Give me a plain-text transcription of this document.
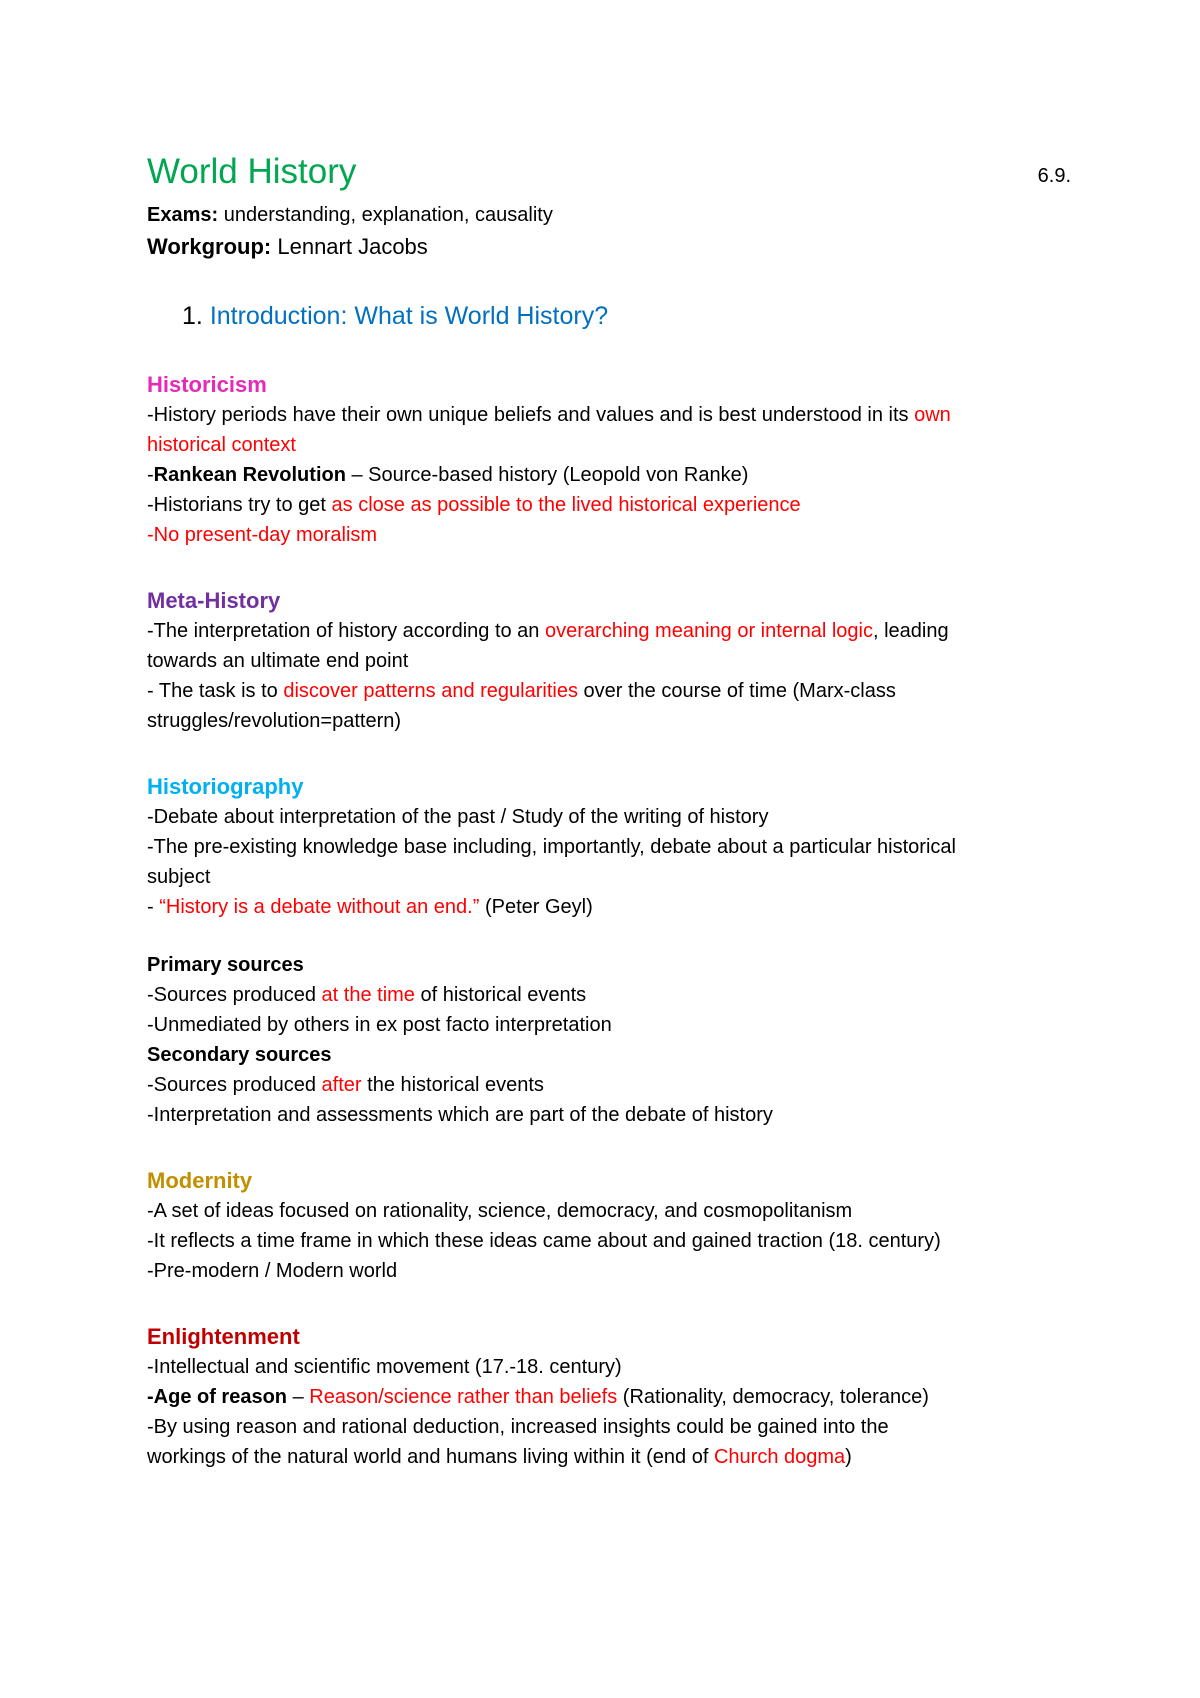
World History	6.9.
Exams: understanding, explanation, causality
Workgroup: Lennart Jacobs
1. Introduction: What is World History?
Historicism
-History periods have their own unique beliefs and values and is best understood in its own
historical context
-Rankean Revolution – Source-based history (Leopold von Ranke)
-Historians try to get as close as possible to the lived historical experience
-No present-day moralism
Meta-History
-The interpretation of history according to an overarching meaning or internal logic, leading
towards an ultimate end point
- The task is to discover patterns and regularities over the course of time (Marx-class
struggles/revolution=pattern)
Historiography
-Debate about interpretation of the past / Study of the writing of history
-The pre-existing knowledge base including, importantly, debate about a particular historical
subject
- “History is a debate without an end.” (Peter Geyl)
Primary sources
-Sources produced at the time of historical events
-Unmediated by others in ex post facto interpretation
Secondary sources
-Sources produced after the historical events
-Interpretation and assessments which are part of the debate of history
Modernity
-A set of ideas focused on rationality, science, democracy, and cosmopolitanism
-It reflects a time frame in which these ideas came about and gained traction (18. century)
-Pre-modern / Modern world
Enlightenment
-Intellectual and scientific movement (17.-18. century)
-Age of reason – Reason/science rather than beliefs (Rationality, democracy, tolerance)
-By using reason and rational deduction, increased insights could be gained into the
workings of the natural world and humans living within it (end of Church dogma)
